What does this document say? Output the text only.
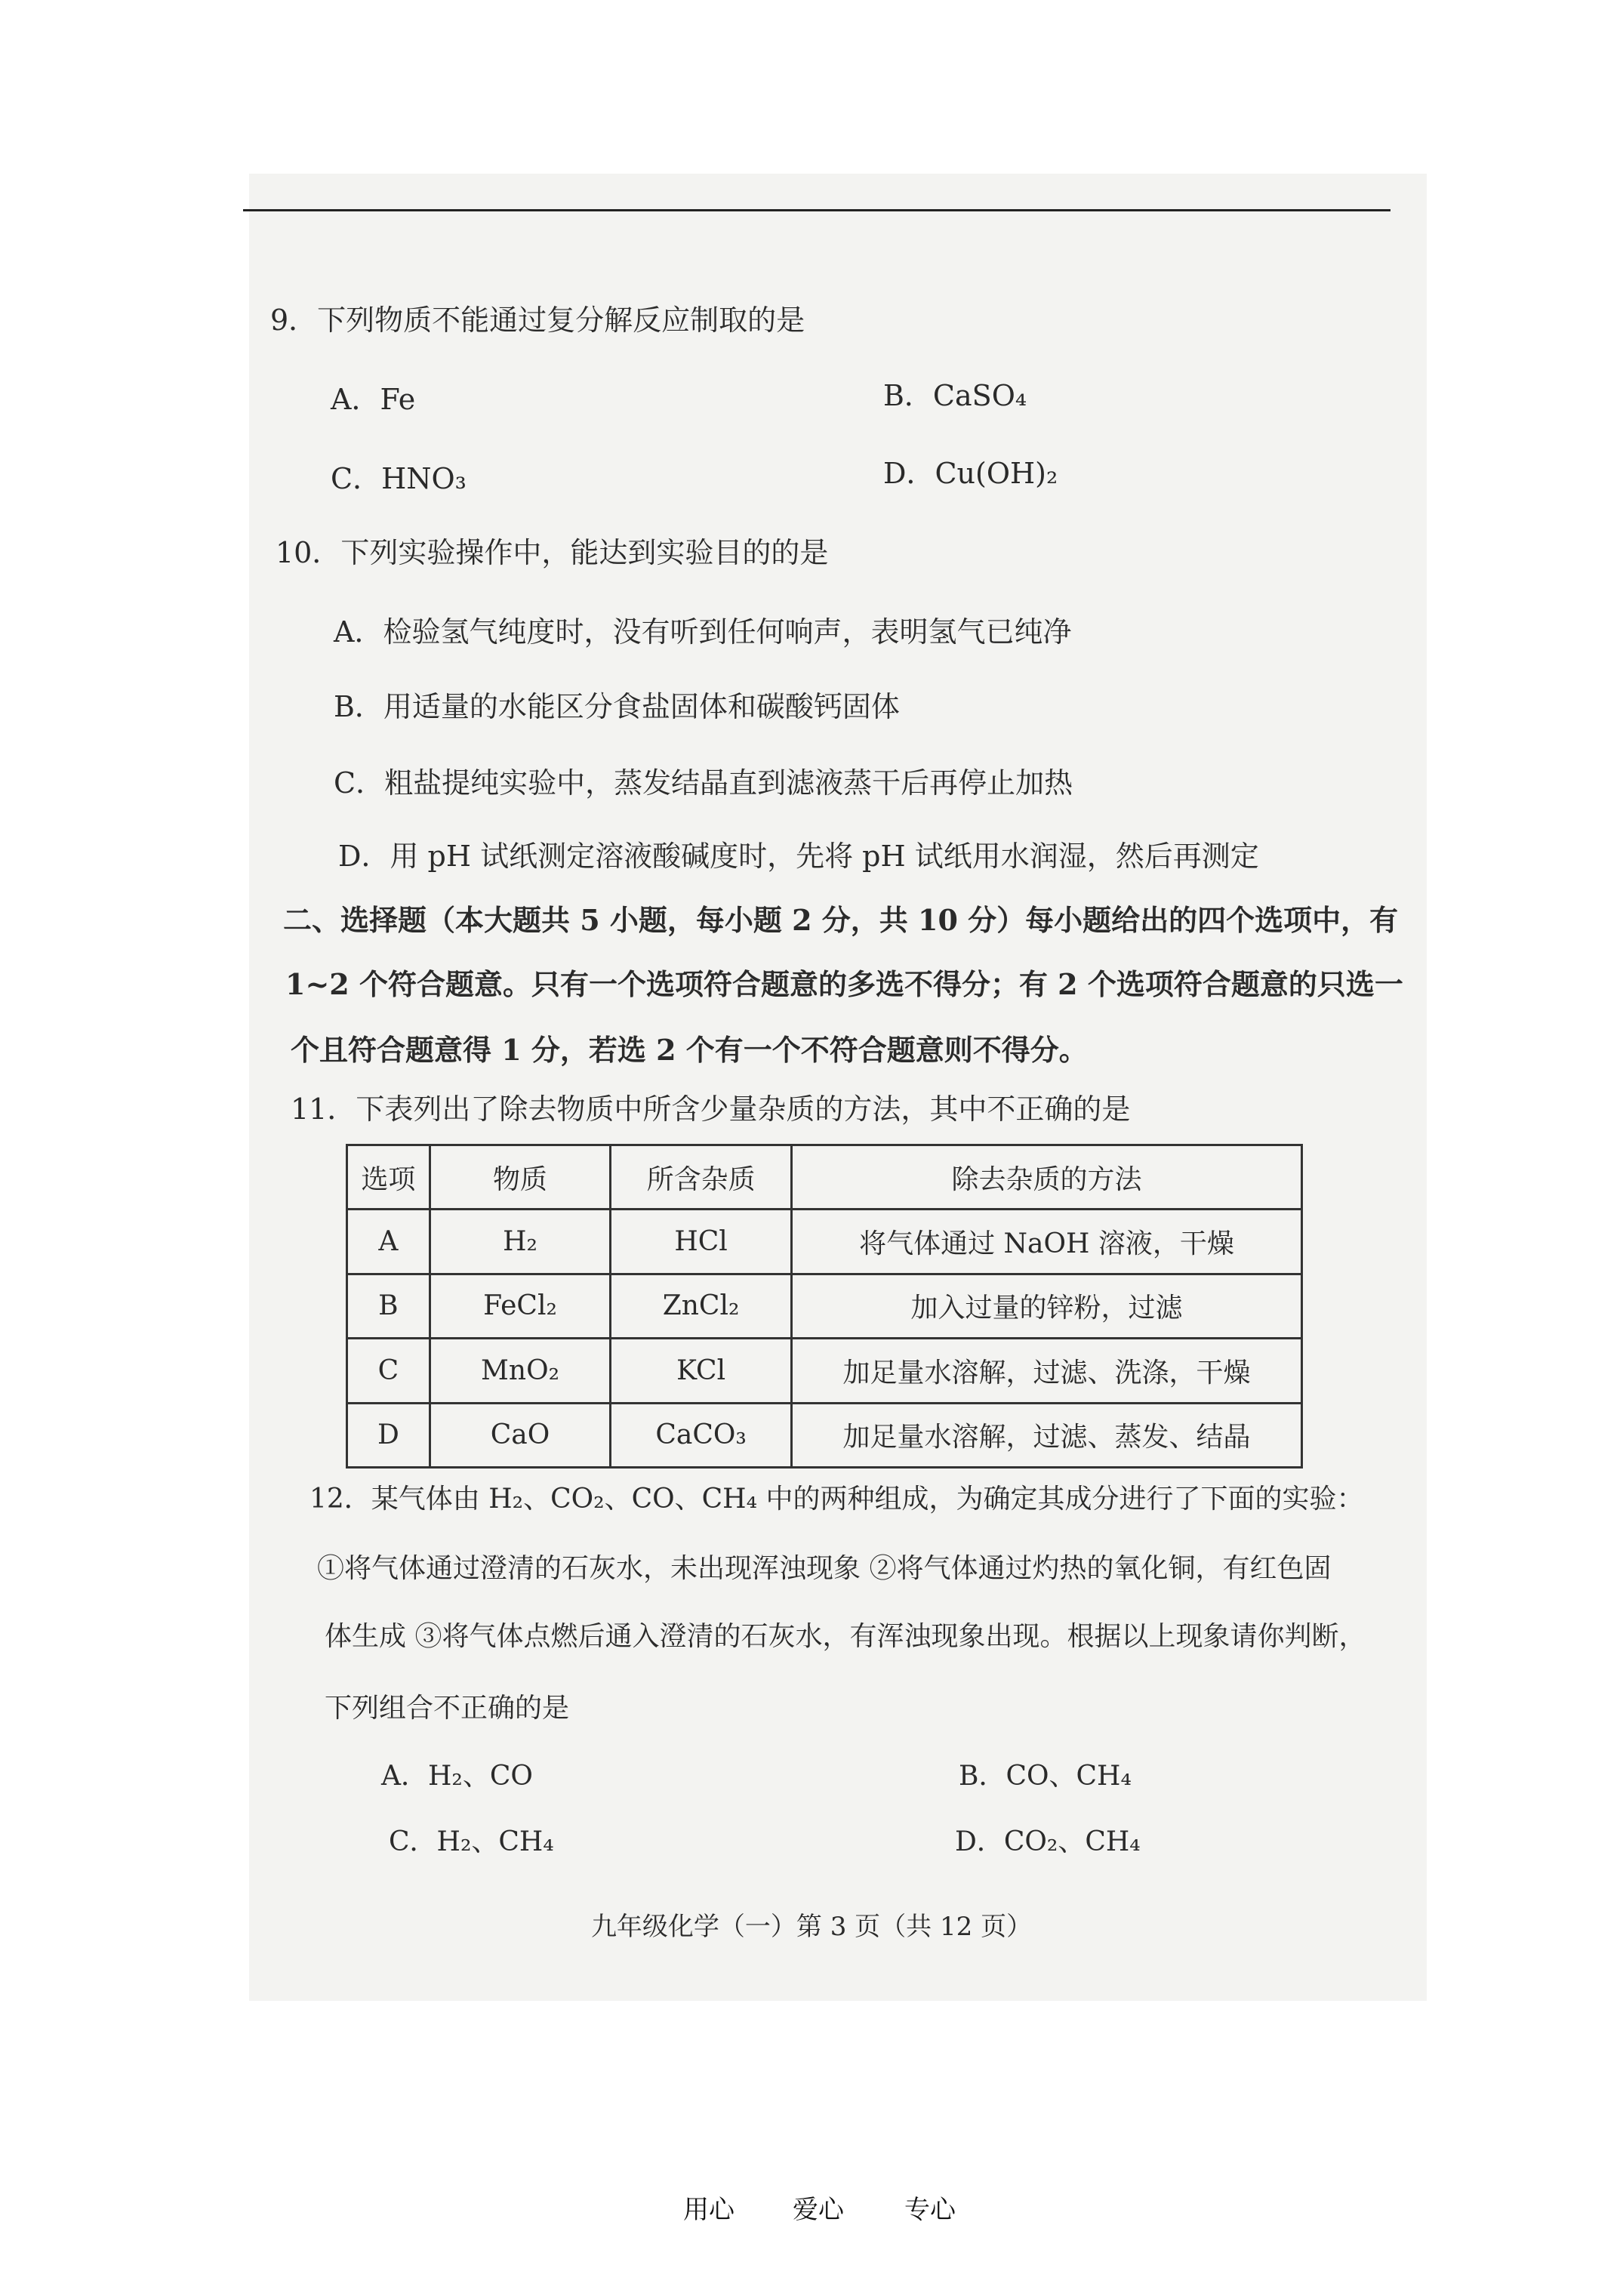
9．下列物质不能通过复分解反应制取的是
A．Fe	B．CaSO₄
C．HNO₃	D．Cu(OH)₂
10．下列实验操作中，能达到实验目的的是
A．检验氢气纯度时，没有听到任何响声，表明氢气已纯净
B．用适量的水能区分食盐固体和碳酸钙固体
C．粗盐提纯实验中，蒸发结晶直到滤液蒸干后再停止加热
D．用 pH 试纸测定溶液酸碱度时，先将 pH 试纸用水润湿，然后再测定
二、选择题（本大题共 5 小题，每小题 2 分，共 10 分）每小题给出的四个选项中，有
1~2 个符合题意。只有一个选项符合题意的多选不得分；有 2 个选项符合题意的只选一
个且符合题意得 1 分，若选 2 个有一个不符合题意则不得分。
11．下表列出了除去物质中所含少量杂质的方法，其中不正确的是
选项	物质	所含杂质	除去杂质的方法
A	H₂	HCl	将气体通过 NaOH 溶液，干燥
B	FeCl₂	ZnCl₂	加入过量的锌粉，过滤
C	MnO₂	KCl	加足量水溶解，过滤、洗涤，干燥
D	CaO	CaCO₃	加足量水溶解，过滤、蒸发、结晶
12．某气体由 H₂、CO₂、CO、CH₄ 中的两种组成，为确定其成分进行了下面的实验：
①将气体通过澄清的石灰水，未出现浑浊现象 ②将气体通过灼热的氧化铜，有红色固
体生成 ③将气体点燃后通入澄清的石灰水，有浑浊现象出现。根据以上现象请你判断，
下列组合不正确的是
A．H₂、CO	B．CO、CH₄
C．H₂、CH₄	D．CO₂、CH₄
九年级化学（一）第 3 页（共 12 页）
用心 爱心 专心
